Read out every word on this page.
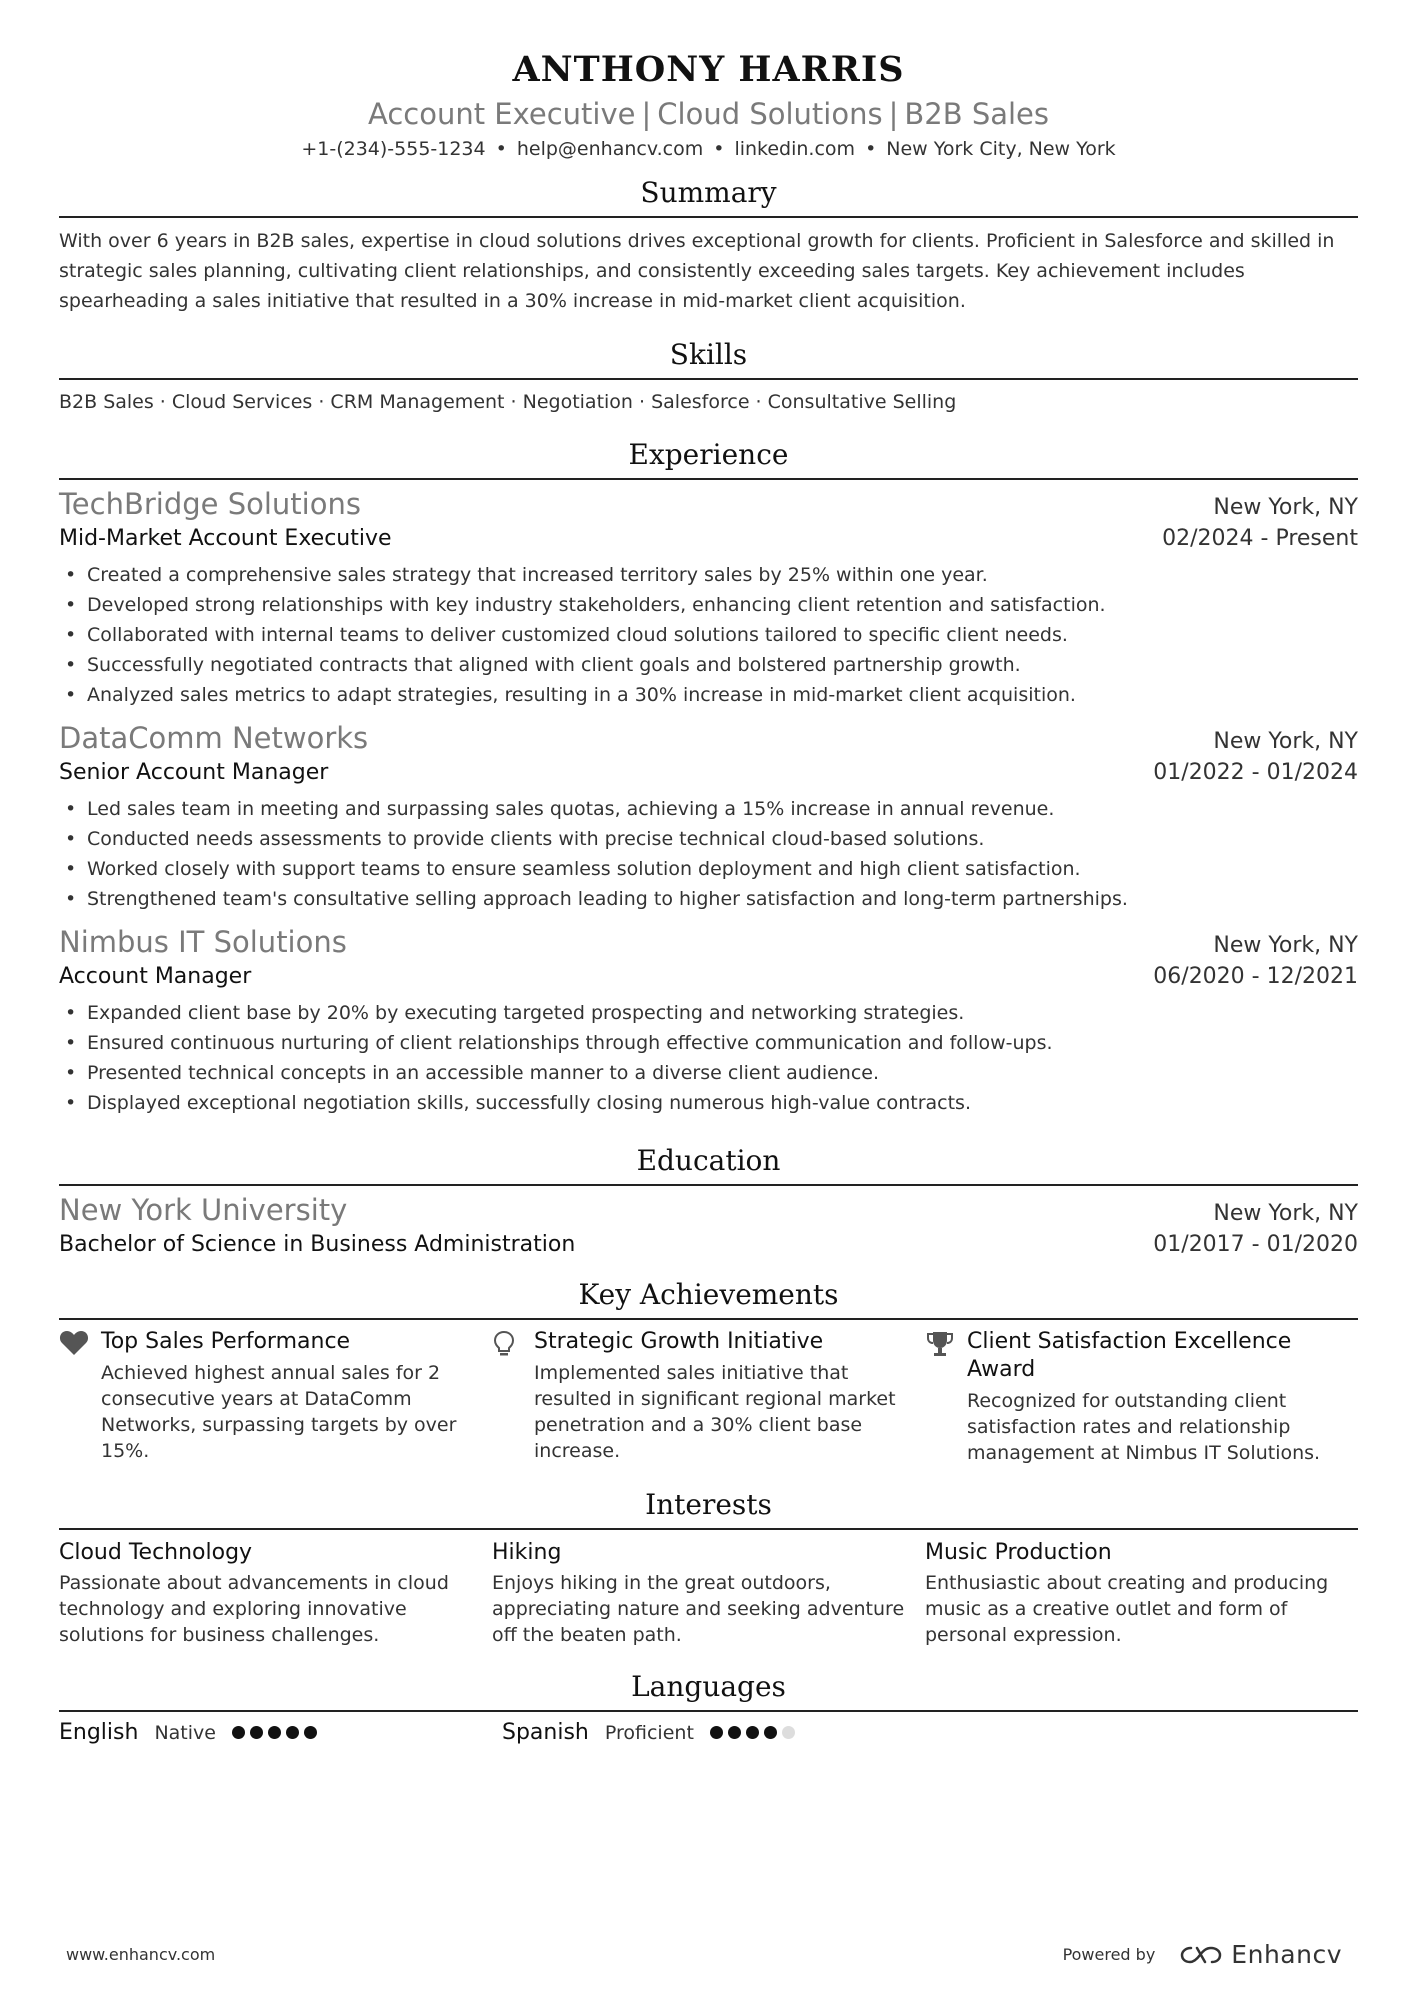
ANTHONY HARRIS
Account Executive | Cloud Solutions | B2B Sales
+1-(234)-555-1234 • help@enhancv.com • linkedin.com • New York City, New York
Summary
With over 6 years in B2B sales, expertise in cloud solutions drives exceptional growth for clients. Proficient in Salesforce and skilled in strategic sales planning, cultivating client relationships, and consistently exceeding sales targets. Key achievement includes spearheading a sales initiative that resulted in a 30% increase in mid-market client acquisition.
Skills
B2B Sales · Cloud Services · CRM Management · Negotiation · Salesforce · Consultative Selling
Experience
TechBridge Solutions	New York, NY
Mid-Market Account Executive	02/2024 - Present
• Created a comprehensive sales strategy that increased territory sales by 25% within one year.
• Developed strong relationships with key industry stakeholders, enhancing client retention and satisfaction.
• Collaborated with internal teams to deliver customized cloud solutions tailored to specific client needs.
• Successfully negotiated contracts that aligned with client goals and bolstered partnership growth.
• Analyzed sales metrics to adapt strategies, resulting in a 30% increase in mid-market client acquisition.
DataComm Networks	New York, NY
Senior Account Manager	01/2022 - 01/2024
• Led sales team in meeting and surpassing sales quotas, achieving a 15% increase in annual revenue.
• Conducted needs assessments to provide clients with precise technical cloud-based solutions.
• Worked closely with support teams to ensure seamless solution deployment and high client satisfaction.
• Strengthened team's consultative selling approach leading to higher satisfaction and long-term partnerships.
Nimbus IT Solutions	New York, NY
Account Manager	06/2020 - 12/2021
• Expanded client base by 20% by executing targeted prospecting and networking strategies.
• Ensured continuous nurturing of client relationships through effective communication and follow-ups.
• Presented technical concepts in an accessible manner to a diverse client audience.
• Displayed exceptional negotiation skills, successfully closing numerous high-value contracts.
Education
New York University	New York, NY
Bachelor of Science in Business Administration	01/2017 - 01/2020
Key Achievements
Top Sales Performance
Achieved highest annual sales for 2 consecutive years at DataComm Networks, surpassing targets by over 15%.
Strategic Growth Initiative
Implemented sales initiative that resulted in significant regional market penetration and a 30% client base increase.
Client Satisfaction Excellence Award
Recognized for outstanding client satisfaction rates and relationship management at Nimbus IT Solutions.
Interests
Cloud Technology
Passionate about advancements in cloud technology and exploring innovative solutions for business challenges.
Hiking
Enjoys hiking in the great outdoors, appreciating nature and seeking adventure off the beaten path.
Music Production
Enthusiastic about creating and producing music as a creative outlet and form of personal expression.
Languages
English Native	Spanish Proficient
www.enhancv.com	Powered by	Enhancv
